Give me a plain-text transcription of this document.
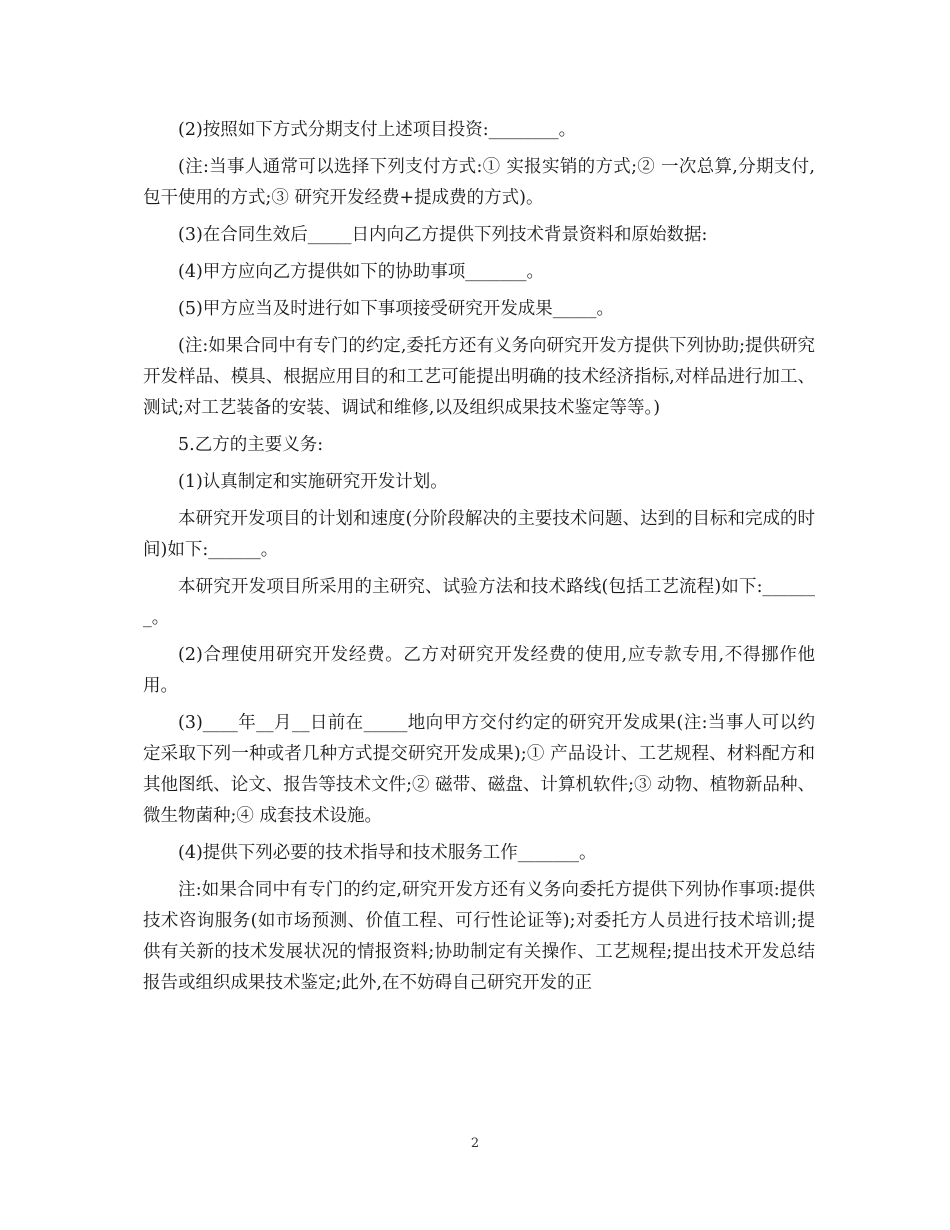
(2)按照如下方式分期支付上述项目投资:________。

(注:当事人通常可以选择下列支付方式:① 实报实销的方式;② 一次总算,分期支付,包干使用的方式;③ 研究开发经费+提成费的方式)。

(3)在合同生效后_____日内向乙方提供下列技术背景资料和原始数据:

(4)甲方应向乙方提供如下的协助事项_______。

(5)甲方应当及时进行如下事项接受研究开发成果_____。

(注:如果合同中有专门的约定,委托方还有义务向研究开发方提供下列协助;提供研究开发样品、模具、根据应用目的和工艺可能提出明确的技术经济指标,对样品进行加工、测试;对工艺装备的安装、调试和维修,以及组织成果技术鉴定等等。)

5.乙方的主要义务:

(1)认真制定和实施研究开发计划。

本研究开发项目的计划和速度(分阶段解决的主要技术问题、达到的目标和完成的时间)如下:______。

本研究开发项目所采用的主研究、试验方法和技术路线(包括工艺流程)如下:_______。

(2)合理使用研究开发经费。乙方对研究开发经费的使用,应专款专用,不得挪作他用。

(3)____年__月__日前在_____地向甲方交付约定的研究开发成果(注:当事人可以约定采取下列一种或者几种方式提交研究开发成果);① 产品设计、工艺规程、材料配方和其他图纸、论文、报告等技术文件;② 磁带、磁盘、计算机软件;③ 动物、植物新品种、微生物菌种;④ 成套技术设施。

(4)提供下列必要的技术指导和技术服务工作_______。

注:如果合同中有专门的约定,研究开发方还有义务向委托方提供下列协作事项:提供技术咨询服务(如市场预测、价值工程、可行性论证等);对委托方人员进行技术培训;提供有关新的技术发展状况的情报资料;协助制定有关操作、工艺规程;提出技术开发总结报告或组织成果技术鉴定;此外,在不妨碍自己研究开发的正

2
